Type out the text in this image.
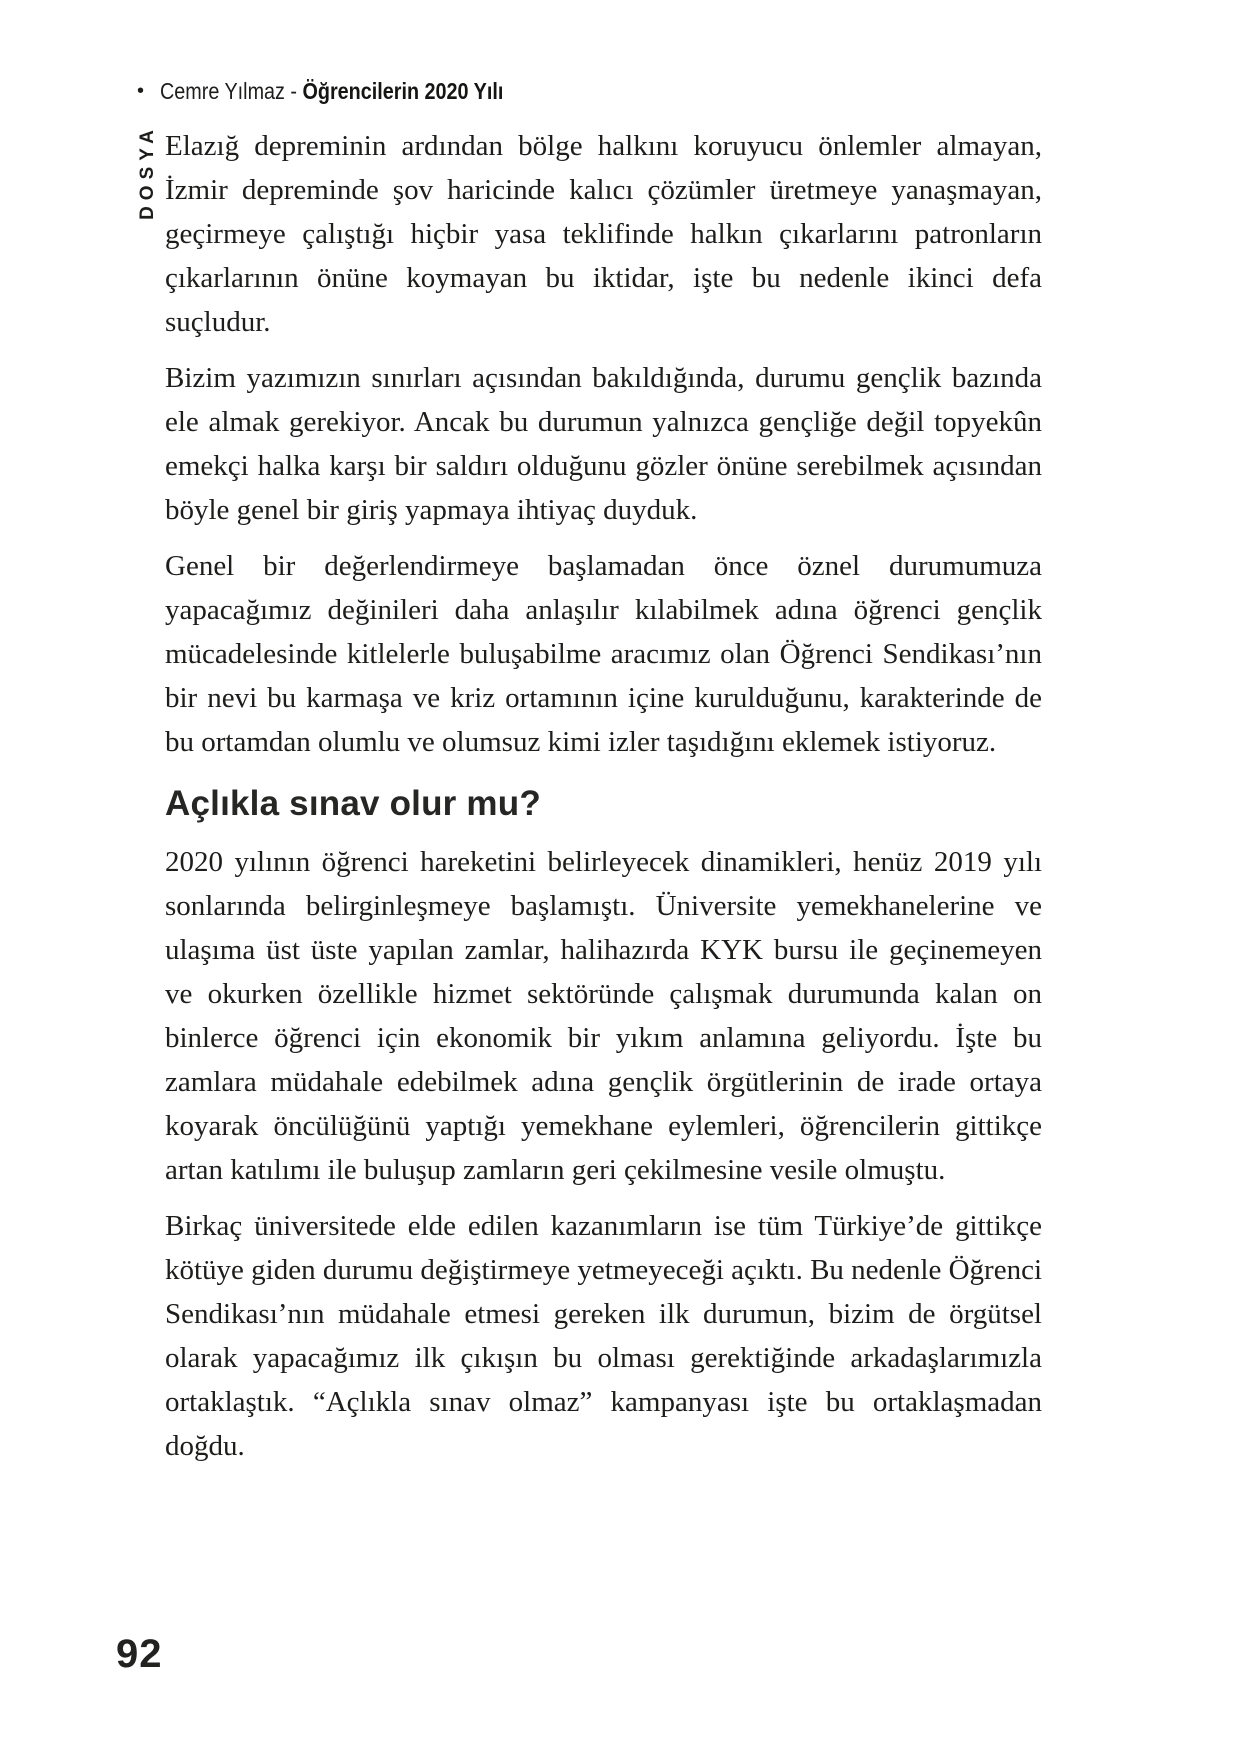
• Cemre Yılmaz - Öğrencilerin 2020 Yılı
DOSYA Elazığ depreminin ardından bölge halkını koruyucu önlemler almayan, İzmir depreminde şov haricinde kalıcı çözümler üretmeye yanaşmayan, geçirmeye çalıştığı hiçbir yasa teklifinde halkın çıkarlarını patronların çıkarlarının önüne koymayan bu iktidar, işte bu nedenle ikinci defa suçludur.

Bizim yazımızın sınırları açısından bakıldığında, durumu gençlik bazında ele almak gerekiyor. Ancak bu durumun yalnızca gençliğe değil topyekûn emekçi halka karşı bir saldırı olduğunu gözler önüne serebilmek açısından böyle genel bir giriş yapmaya ihtiyaç duyduk.

Genel bir değerlendirmeye başlamadan önce öznel durumumuza yapacağımız değinileri daha anlaşılır kılabilmek adına öğrenci gençlik mücadelesinde kitlelerle buluşabilme aracımız olan Öğrenci Sendikası’nın bir nevi bu karmaşa ve kriz ortamının içine kurulduğunu, karakterinde de bu ortamdan olumlu ve olumsuz kimi izler taşıdığını eklemek istiyoruz.

Açlıkla sınav olur mu?

2020 yılının öğrenci hareketini belirleyecek dinamikleri, henüz 2019 yılı sonlarında belirginleşmeye başlamıştı. Üniversite yemekhanelerine ve ulaşıma üst üste yapılan zamlar, halihazırda KYK bursu ile geçinemeyen ve okurken özellikle hizmet sektöründe çalışmak durumunda kalan on binlerce öğrenci için ekonomik bir yıkım anlamına geliyordu. İşte bu zamlara müdahale edebilmek adına gençlik örgütlerinin de irade ortaya koyarak öncülüğünü yaptığı yemekhane eylemleri, öğrencilerin gittikçe artan katılımı ile buluşup zamların geri çekilmesine vesile olmuştu.

Birkaç üniversitede elde edilen kazanımların ise tüm Türkiye’de gittikçe kötüye giden durumu değiştirmeye yetmeyeceği açıktı. Bu nedenle Öğrenci Sendikası’nın müdahale etmesi gereken ilk durumun, bizim de örgütsel olarak yapacağımız ilk çıkışın bu olması gerektiğinde arkadaşlarımızla ortaklaştık. “Açlıkla sınav olmaz” kampanyası işte bu ortaklaşmadan doğdu.

92
